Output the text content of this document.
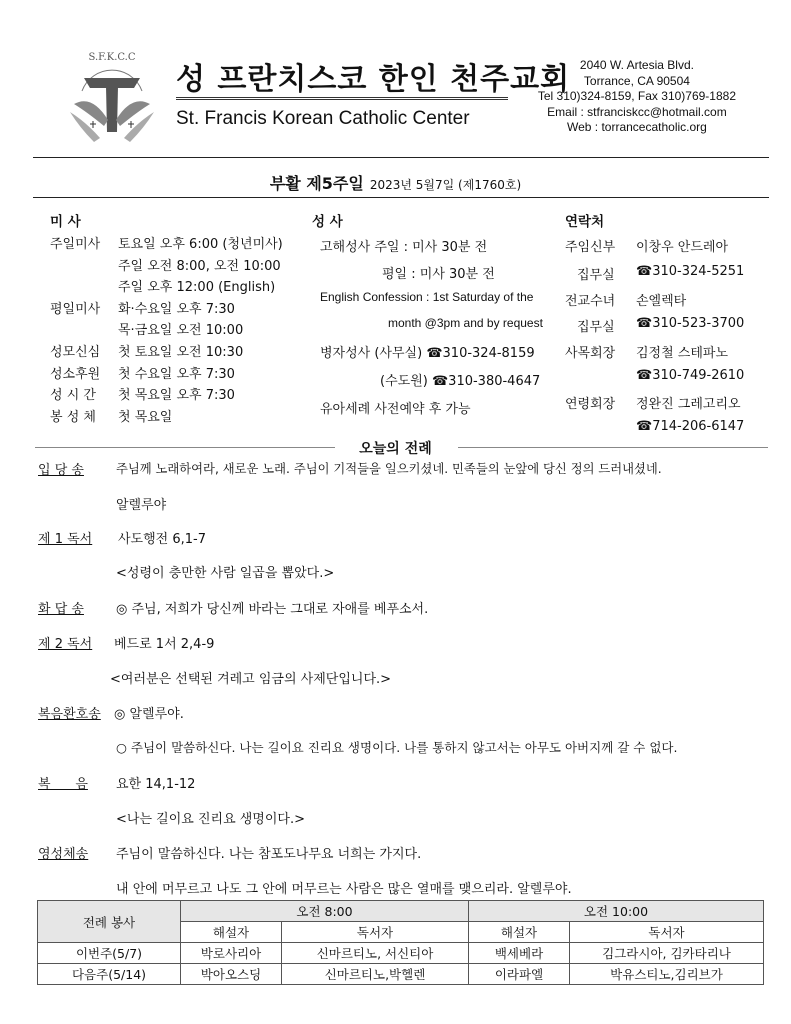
S.F.K.C.C
성 프란치스코 한인 천주교회
St. Francis Korean Catholic Center
2040 W. Artesia Blvd.
Torrance, CA 90504
Tel 310)324-8159, Fax 310)769-1882
Email : stfranciskcc@hotmail.com
Web : torrancecatholic.org
부활 제5주일 2023년 5월7일 (제1760호)
미 사
주일미사 토요일 오후 6:00 (청년미사)
주일 오전 8:00, 오전 10:00
주일 오후 12:00 (English)
평일미사 화·수요일 오후 7:30
목·금요일 오전 10:00
성모신심 첫 토요일 오전 10:30
성소후원 첫 수요일 오후 7:30
성 시 간 첫 목요일 오후 7:30
봉 성 체 첫 목요일
성 사
고해성사 주일 : 미사 30분 전
평일 : 미사 30분 전
English Confession : 1st Saturday of the
month @3pm and by request
병자성사 (사무실) ☎310-324-8159
(수도원) ☎310-380-4647
유아세례 사전예약 후 가능
연락처
주임신부 이창우 안드레아
집무실 ☎310-324-5251
전교수녀 손엘렉타
집무실 ☎310-523-3700
사목회장 김정철 스테파노
☎310-749-2610
연령회장 정완진 그레고리오
☎714-206-6147
오늘의 전례
입 당 송	주님께 노래하여라, 새로운 노래. 주님이 기적들을 일으키셨네. 민족들의 눈앞에 당신 정의 드러내셨네.
알렐루야
제 1 독서 사도행전 6,1-7
<성령이 충만한 사람 일곱을 뽑았다.>
화 답 송 ◎ 주님, 저희가 당신께 바라는 그대로 자애를 베푸소서.
제 2 독서 베드로 1서 2,4-9
<여러분은 선택된 겨레고 임금의 사제단입니다.>
복음환호송 ◎ 알렐루야.
○ 주님이 말씀하신다. 나는 길이요 진리요 생명이다. 나를 통하지 않고서는 아무도 아버지께 갈 수 없다.
복      음 요한 14,1-12
<나는 길이요 진리요 생명이다.>
영성체송 주님이 말씀하신다. 나는 참포도나무요 너희는 가지다.
내 안에 머무르고 나도 그 안에 머무르는 사람은 많은 열매를 맺으리라. 알렐루야.
전례 봉사	오전 8:00		오전 10:00	
	해설자	독서자	해설자	독서자
이번주(5/7)	박로사리아	신마르티노, 서신티아	백세베라	김그라시아, 김카타리나
다음주(5/14)	박아오스딩	신마르티노,박헬렌	이라파엘	박유스티노,김리브가
